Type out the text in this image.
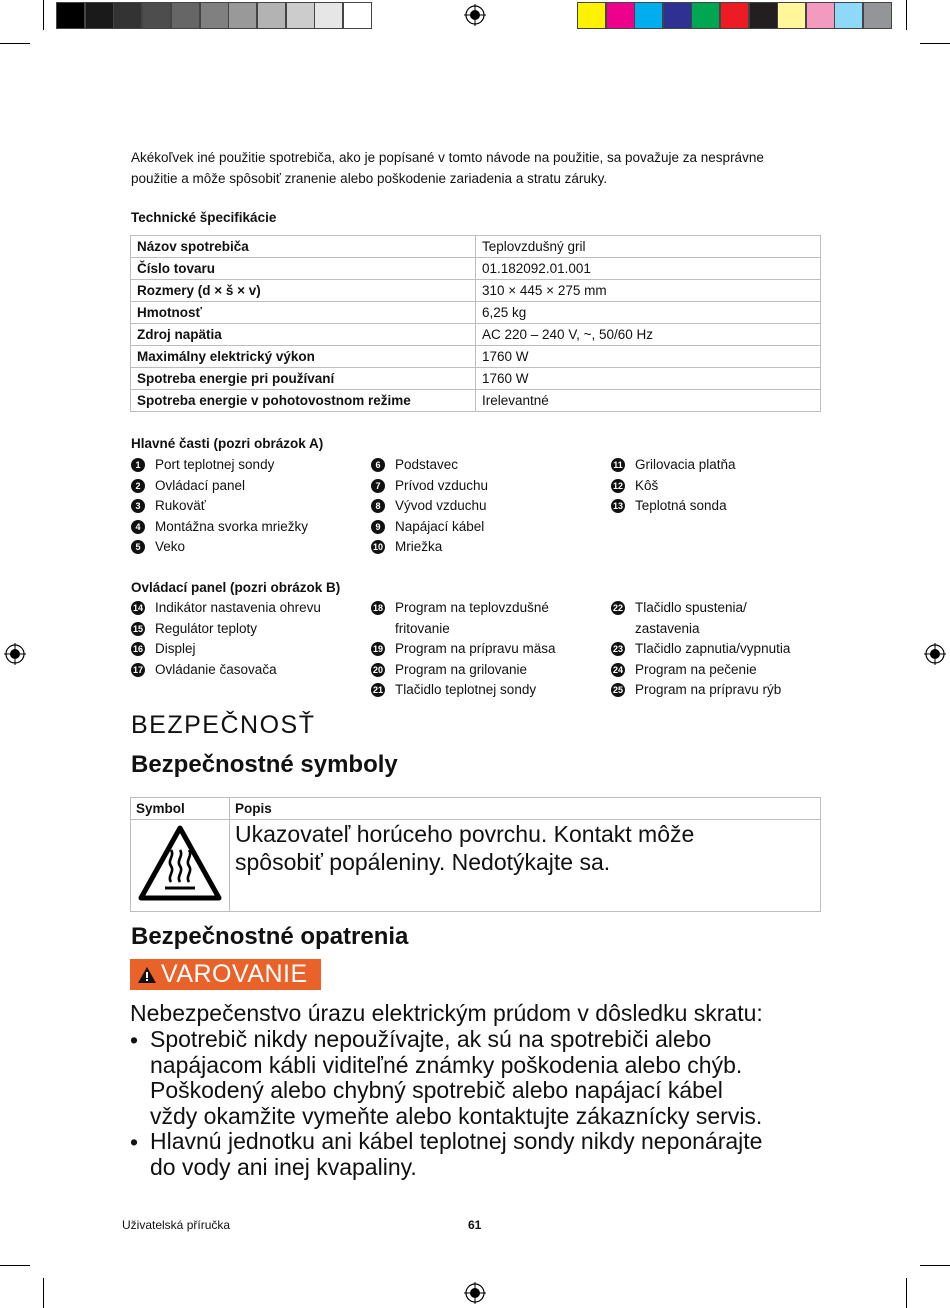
Akékoľvek iné použitie spotrebiča, ako je popísané v tomto návode na použitie, sa považuje za nesprávne
použitie a môže spôsobiť zranenie alebo poškodenie zariadenia a stratu záruky.
Technické špecifikácie
Názov spotrebiča	Teplovzdušný gril
Číslo tovaru	01.182092.01.001
Rozmery (d × š × v)	310 × 445 × 275 mm
Hmotnosť	6,25 kg
Zdroj napätia	AC 220 – 240 V, ~, 50/60 Hz
Maximálny elektrický výkon	1760 W
Spotreba energie pri používaní	1760 W
Spotreba energie v pohotovostnom režime	Irelevantné
Hlavné časti (pozri obrázok A)
1	Port teplotnej sondy
2	Ovládací panel
3	Rukoväť
4	Montážna svorka mriežky
5	Veko
6	Podstavec
7	Prívod vzduchu
8	Vývod vzduchu
9	Napájací kábel
10 Mriežka
11 Grilovacia platňa
12 Kôš
13 Teplotná sonda
Ovládací panel (pozri obrázok B)
14 Indikátor nastavenia ohrevu
15 Regulátor teploty
16 Displej
17 Ovládanie časovača
18 Program na teplovzdušné
fritovanie
19 Program na prípravu mäsa
20 Program na grilovanie
21 Tlačidlo teplotnej sondy
22 Tlačidlo spustenia/
zastavenia
23 Tlačidlo zapnutia/vypnutia
24 Program na pečenie
25 Program na prípravu rýb
BEZPEČNOSŤ
Bezpečnostné symboly
Symbol	Popis

Ukazovateľ horúceho povrchu. Kontakt môže
spôsobiť popáleniny. Nedotýkajte sa.
Bezpečnostné opatrenia
VAROVANIE
Nebezpečenstvo úrazu elektrickým prúdom v dôsledku skratu:
• Spotrebič nikdy nepoužívajte, ak sú na spotrebiči alebo
napájacom kábli viditeľné známky poškodenia alebo chýb.
Poškodený alebo chybný spotrebič alebo napájací kábel
vždy okamžite vymeňte alebo kontaktujte zákaznícky servis.
• Hlavnú jednotku ani kábel teplotnej sondy nikdy neponárajte
do vody ani inej kvapaliny.
Uživatelská příručka	61
